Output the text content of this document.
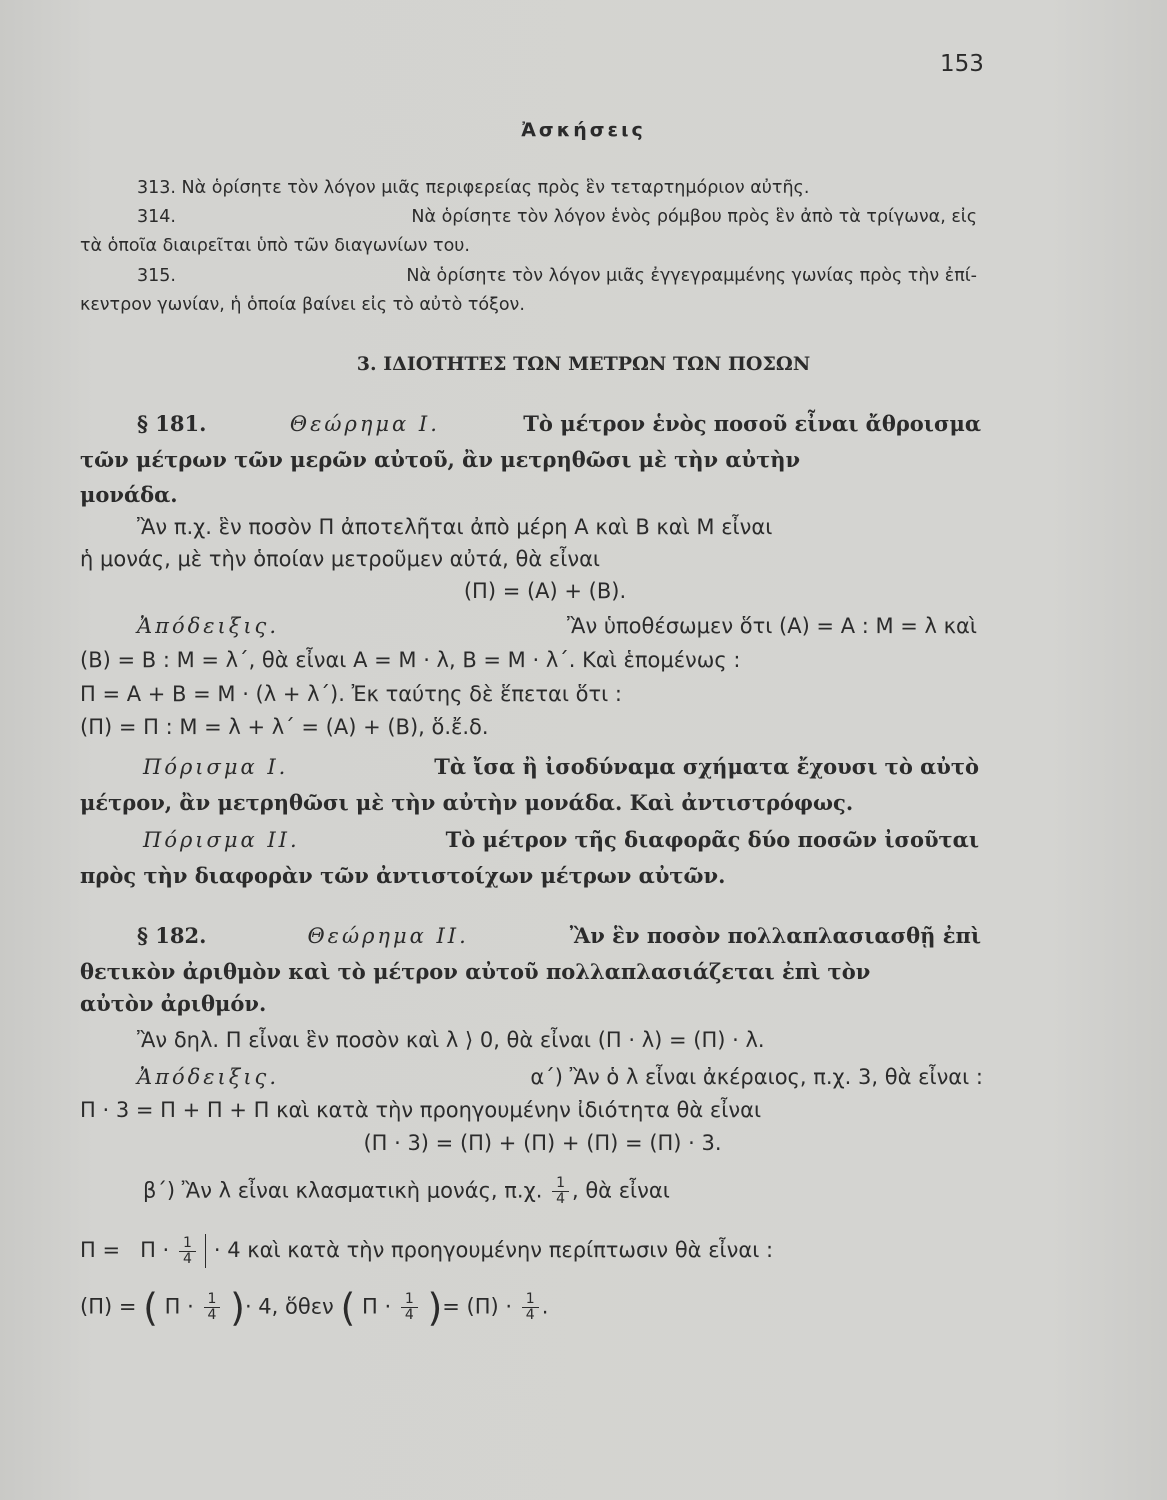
153
Ἀσκήσεις
313. Νὰ ὁρίσητε τὸν λόγον μιᾶς περιφερείας πρὸς ἓν τεταρτημόριον αὐτῆς.
314.	Νὰ ὁρίσητε τὸν λόγον ἑνὸς ρόμβου πρὸς ἓν ἀπὸ τὰ τρίγωνα, εἰς
τὰ ὁποῖα διαιρεῖται ὑπὸ τῶν διαγωνίων του.
315.	Νὰ ὁρίσητε τὸν λόγον μιᾶς ἐγγεγραμμένης γωνίας πρὸς τὴν ἐπί-
κεντρον γωνίαν, ἡ ὁποία βαίνει εἰς τὸ αὐτὸ τόξον.
3. ΙΔΙΟΤΗΤΕΣ ΤΩΝ ΜΕΤΡΩΝ ΤΩΝ ΠΟΣΩΝ
§ 181.	Θεώρημα Ι.	Τὸ μέτρον ἑνὸς ποσοῦ εἶναι ἄθροισμα
τῶν μέτρων τῶν μερῶν αὐτοῦ, ἂν μετρηθῶσι μὲ τὴν αὐτὴν
μονάδα.
Ἂν π.χ. ἓν ποσὸν Π ἀποτελῆται ἀπὸ μέρη Α καὶ Β καὶ Μ εἶναι
ἡ μονάς, μὲ τὴν ὁποίαν μετροῦμεν αὐτά, θὰ εἶναι
(Π) = (Α) + (Β).
Ἀπόδειξις.	Ἂν ὑποθέσωμεν ὅτι (Α) = Α : Μ = λ καὶ
(Β) = Β : Μ = λ΄, θὰ εἶναι Α = Μ · λ, Β = Μ · λ΄. Καὶ ἑπομένως :
Π = Α + Β = Μ · (λ + λ΄). Ἐκ ταύτης δὲ ἕπεται ὅτι :
(Π) = Π : Μ = λ + λ΄ = (Α) + (Β), ὅ.ἔ.δ.
Πόρισμα Ι.	Τὰ ἴσα ἢ ἰσοδύναμα σχήματα ἔχουσι τὸ αὐτὸ
μέτρον, ἂν μετρηθῶσι μὲ τὴν αὐτὴν μονάδα. Καὶ ἀντιστρόφως.
Πόρισμα ΙΙ.	Τὸ μέτρον τῆς διαφορᾶς δύο ποσῶν ἰσοῦται
πρὸς τὴν διαφορὰν τῶν ἀντιστοίχων μέτρων αὐτῶν.
§ 182.	Θεώρημα ΙΙ.	Ἂν ἓν ποσὸν πολλαπλασιασθῇ ἐπὶ
θετικὸν ἀριθμὸν καὶ τὸ μέτρον αὐτοῦ πολλαπλασιάζεται ἐπὶ τὸν
αὐτὸν ἀριθμόν.
Ἂν δηλ. Π εἶναι ἓν ποσὸν καὶ λ ⟩ 0, θὰ εἶναι (Π · λ) = (Π) · λ.
Ἀπόδειξις.	α΄) Ἂν ὁ λ εἶναι ἀκέραιος, π.χ. 3, θὰ εἶναι :
Π · 3 = Π + Π + Π καὶ κατὰ τὴν προηγουμένην ἰδιότητα θὰ εἶναι
(Π · 3) = (Π) + (Π) + (Π) = (Π) · 3.
β΄) Ἂν λ εἶναι κλασματικὴ μονάς, π.χ. $\frac{1}{4}$ , θὰ εἶναι
$\Pi = \Pi \cdot \frac{1}{4} \cdot 4$ καὶ κατὰ τὴν προηγουμένην περίπτωσιν θὰ εἶναι :
(Π) = ( $\Pi \cdot \frac{1}{4}$ )· 4, ὅθεν ( $\Pi \cdot \frac{1}{4}$ )= $(\Pi) \cdot \frac{1}{4}$ .
